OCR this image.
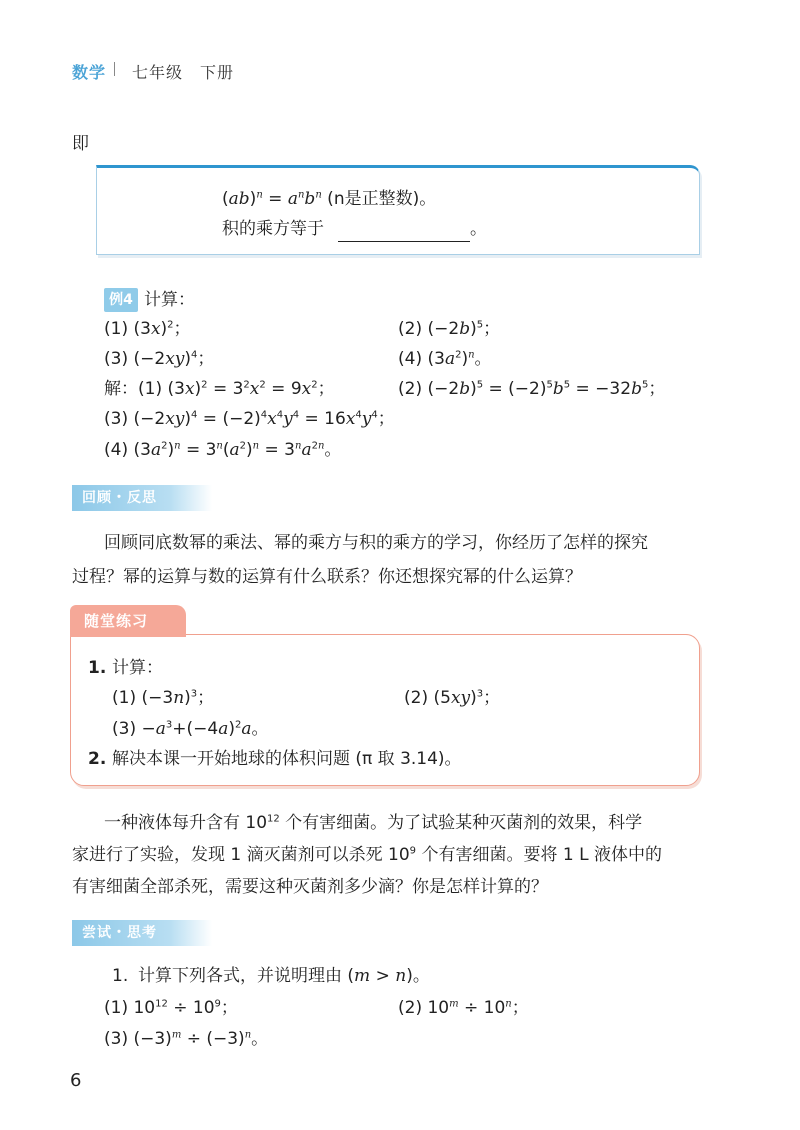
数学 七年级　下册
即
$(ab)^n = a^nb^n$ (n是正整数)。
积的乘方等于	。
例4 计算：
(1) $(3x)^2$；	(2) $(-2b)^5$；
(3) $(-2xy)^4$；	(4) $(3a^2)^n$。
解：(1) $(3x)^2 = 3^2x^2 = 9x^2$；	(2) $(-2b)^5 = (-2)^5b^5 = -32b^5$；
(3) $(-2xy)^4 = (-2)^4x^4y^4 = 16x^4y^4$；
(4) $(3a^2)^n = 3^n(a^2)^n = 3^na^{2n}$。
回顾・反思
回顾同底数幂的乘法、幂的乘方与积的乘方的学习，你经历了怎样的探究
过程？幂的运算与数的运算有什么联系？你还想探究幂的什么运算？
随堂练习
1. 计算：
(1) $(-3n)^3$；	(2) $(5xy)^3$；
$(3) -a^3+(-4a)^2a$。
2. 解决本课一开始地球的体积问题 (π 取 3.14)。
一种液体每升含有 $10^{12}$ 个有害细菌。为了试验某种灭菌剂的效果，科学
家进行了实验，发现 1 滴灭菌剂可以杀死 $10^9$ 个有害细菌。要将 1 L 液体中的
有害细菌全部杀死，需要这种灭菌剂多少滴？你是怎样计算的？
尝试・思考
1. 计算下列各式，并说明理由 (m > n)。
(1) $10^{12} \div 10^9$；	(2) $10^m \div 10^n$；
(3) $(-3)^m \div (-3)^n$。
6
